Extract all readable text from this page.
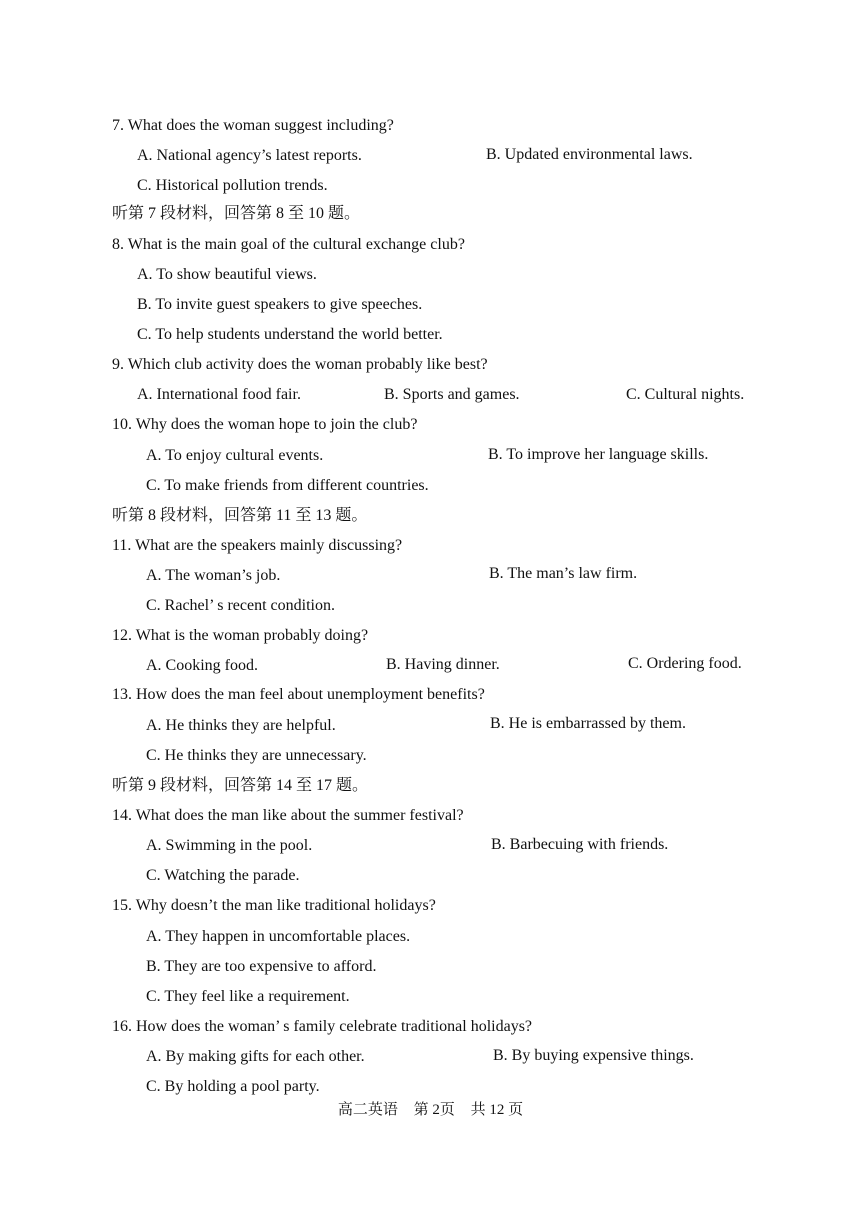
7. What does the woman suggest including?
A. National agency’s latest reports.	B. Updated environmental laws.
C. Historical pollution trends.
听第 7 段材料，回答第 8 至 10 题。
8. What is the main goal of the cultural exchange club?
A. To show beautiful views.
B. To invite guest speakers to give speeches.
C. To help students understand the world better.
9. Which club activity does the woman probably like best?
A. International food fair.	B. Sports and games.	C. Cultural nights.
10. Why does the woman hope to join the club?
A. To enjoy cultural events.	B. To improve her language skills.
C. To make friends from different countries.
听第 8 段材料，回答第 11 至 13 题。
11. What are the speakers mainly discussing?
A. The woman’s job.	B. The man’s law firm.
C. Rachel’ s recent condition.
12. What is the woman probably doing?
A. Cooking food.	B. Having dinner.	C. Ordering food.
13. How does the man feel about unemployment benefits?
A. He thinks they are helpful.	B. He is embarrassed by them.
C. He thinks they are unnecessary.
听第 9 段材料，回答第 14 至 17 题。
14. What does the man like about the summer festival?
A. Swimming in the pool.	B. Barbecuing with friends.
C. Watching the parade.
15. Why doesn’t the man like traditional holidays?
A. They happen in uncomfortable places.
B. They are too expensive to afford.
C. They feel like a requirement.
16. How does the woman’ s family celebrate traditional holidays?
A. By making gifts for each other.	B. By buying expensive things.
C. By holding a pool party.
高二英语 第 2页 共 12 页
